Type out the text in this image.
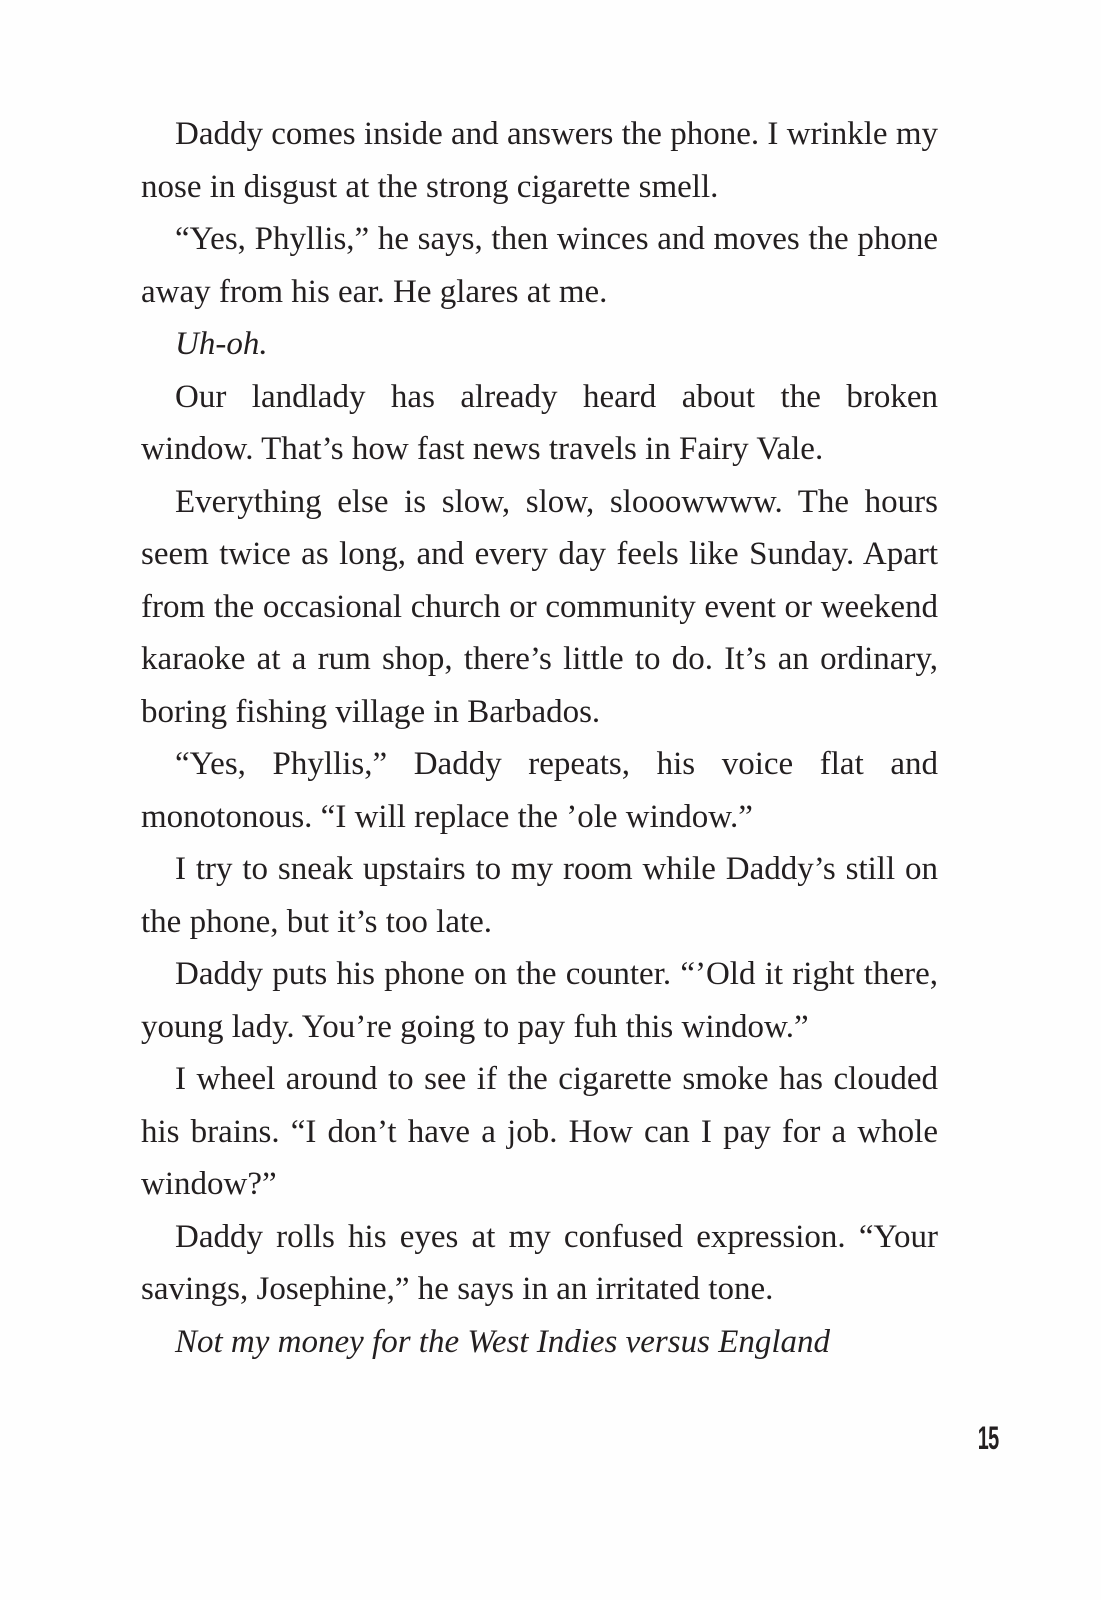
Daddy comes inside and answers the phone. I wrinkle my nose in disgust at the strong cigarette smell.

“Yes, Phyllis,” he says, then winces and moves the phone away from his ear. He glares at me.

Uh-oh.

Our landlady has already heard about the broken window. That’s how fast news travels in Fairy Vale.

Everything else is slow, slow, slooowwww. The hours seem twice as long, and every day feels like Sunday. Apart from the occasional church or community event or weekend karaoke at a rum shop, there’s little to do. It’s an ordinary, boring fishing village in Barbados.

“Yes, Phyllis,” Daddy repeats, his voice flat and monotonous. “I will replace the ’ole window.”

I try to sneak upstairs to my room while Daddy’s still on the phone, but it’s too late.

Daddy puts his phone on the counter. “’Old it right there, young lady. You’re going to pay fuh this window.”

I wheel around to see if the cigarette smoke has clouded his brains. “I don’t have a job. How can I pay for a whole window?”

Daddy rolls his eyes at my confused expression. “Your savings, Josephine,” he says in an irritated tone.

Not my money for the West Indies versus England

15
